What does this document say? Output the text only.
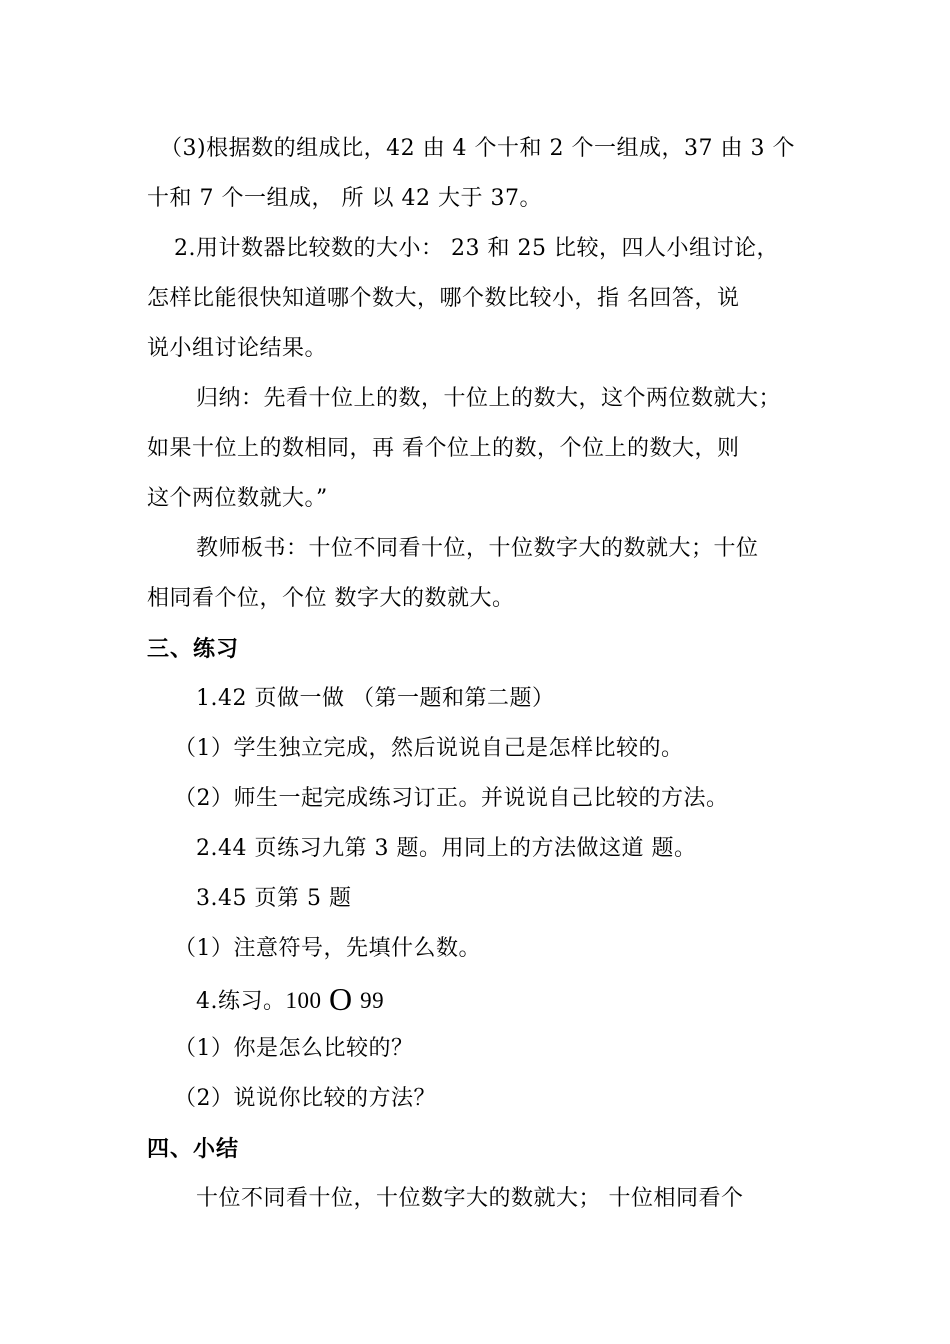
（3)根据数的组成比，42 由 4 个十和 2 个一组成，37 由 3 个
十和 7 个一组成， 所 以 42 大于 37。
2.用计数器比较数的大小： 23 和 25 比较，四人小组讨论，
怎样比能很快知道哪个数大，哪个数比较小，指 名回答，说
说小组讨论结果。
归纳：先看十位上的数，十位上的数大，这个两位数就大；
如果十位上的数相同，再 看个位上的数，个位上的数大，则
这个两位数就大。”
教师板书：十位不同看十位，十位数字大的数就大；十位
相同看个位，个位 数字大的数就大。
三、练习
1.42 页做一做 （第一题和第二题）
（1）学生独立完成，然后说说自己是怎样比较的。
（2）师生一起完成练习订正。并说说自己比较的方法。
2.44 页练习九第 3 题。用同上的方法做这道 题。
3.45 页第 5 题
（1）注意符号，先填什么数。
4.练习。100 O 99
（1）你是怎么比较的？
（2）说说你比较的方法？
四、小结
十位不同看十位，十位数字大的数就大； 十位相同看个
